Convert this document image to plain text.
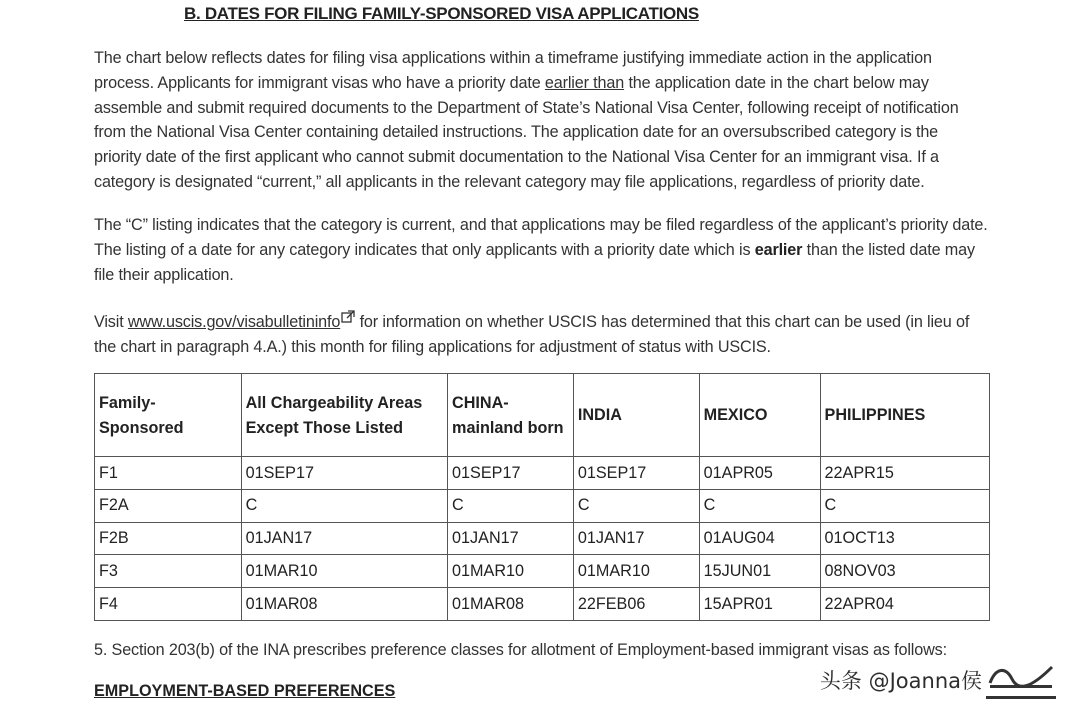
B. DATES FOR FILING FAMILY-SPONSORED VISA APPLICATIONS

The chart below reflects dates for filing visa applications within a timeframe justifying immediate action in the application process. Applicants for immigrant visas who have a priority date earlier than the application date in the chart below may assemble and submit required documents to the Department of State’s National Visa Center, following receipt of notification from the National Visa Center containing detailed instructions. The application date for an oversubscribed category is the priority date of the first applicant who cannot submit documentation to the National Visa Center for an immigrant visa. If a category is designated “current,” all applicants in the relevant category may file applications, regardless of priority date.

The “C” listing indicates that the category is current, and that applications may be filed regardless of the applicant’s priority date. The listing of a date for any category indicates that only applicants with a priority date which is earlier than the listed date may file their application.

Visit www.uscis.gov/visabulletininfo for information on whether USCIS has determined that this chart can be used (in lieu of the chart in paragraph 4.A.) this month for filing applications for adjustment of status with USCIS.

Family-Sponsored	All Chargeability Areas Except Those Listed	CHINA-mainland born	INDIA	MEXICO	PHILIPPINES
F1	01SEP17	01SEP17	01SEP17	01APR05	22APR15
F2A	C	C	C	C	C
F2B	01JAN17	01JAN17	01JAN17	01AUG04	01OCT13
F3	01MAR10	01MAR10	01MAR10	15JUN01	08NOV03
F4	01MAR08	01MAR08	22FEB06	15APR01	22APR04

5. Section 203(b) of the INA prescribes preference classes for allotment of Employment-based immigrant visas as follows:

EMPLOYMENT-BASED PREFERENCES	头条 @Joanna侯
